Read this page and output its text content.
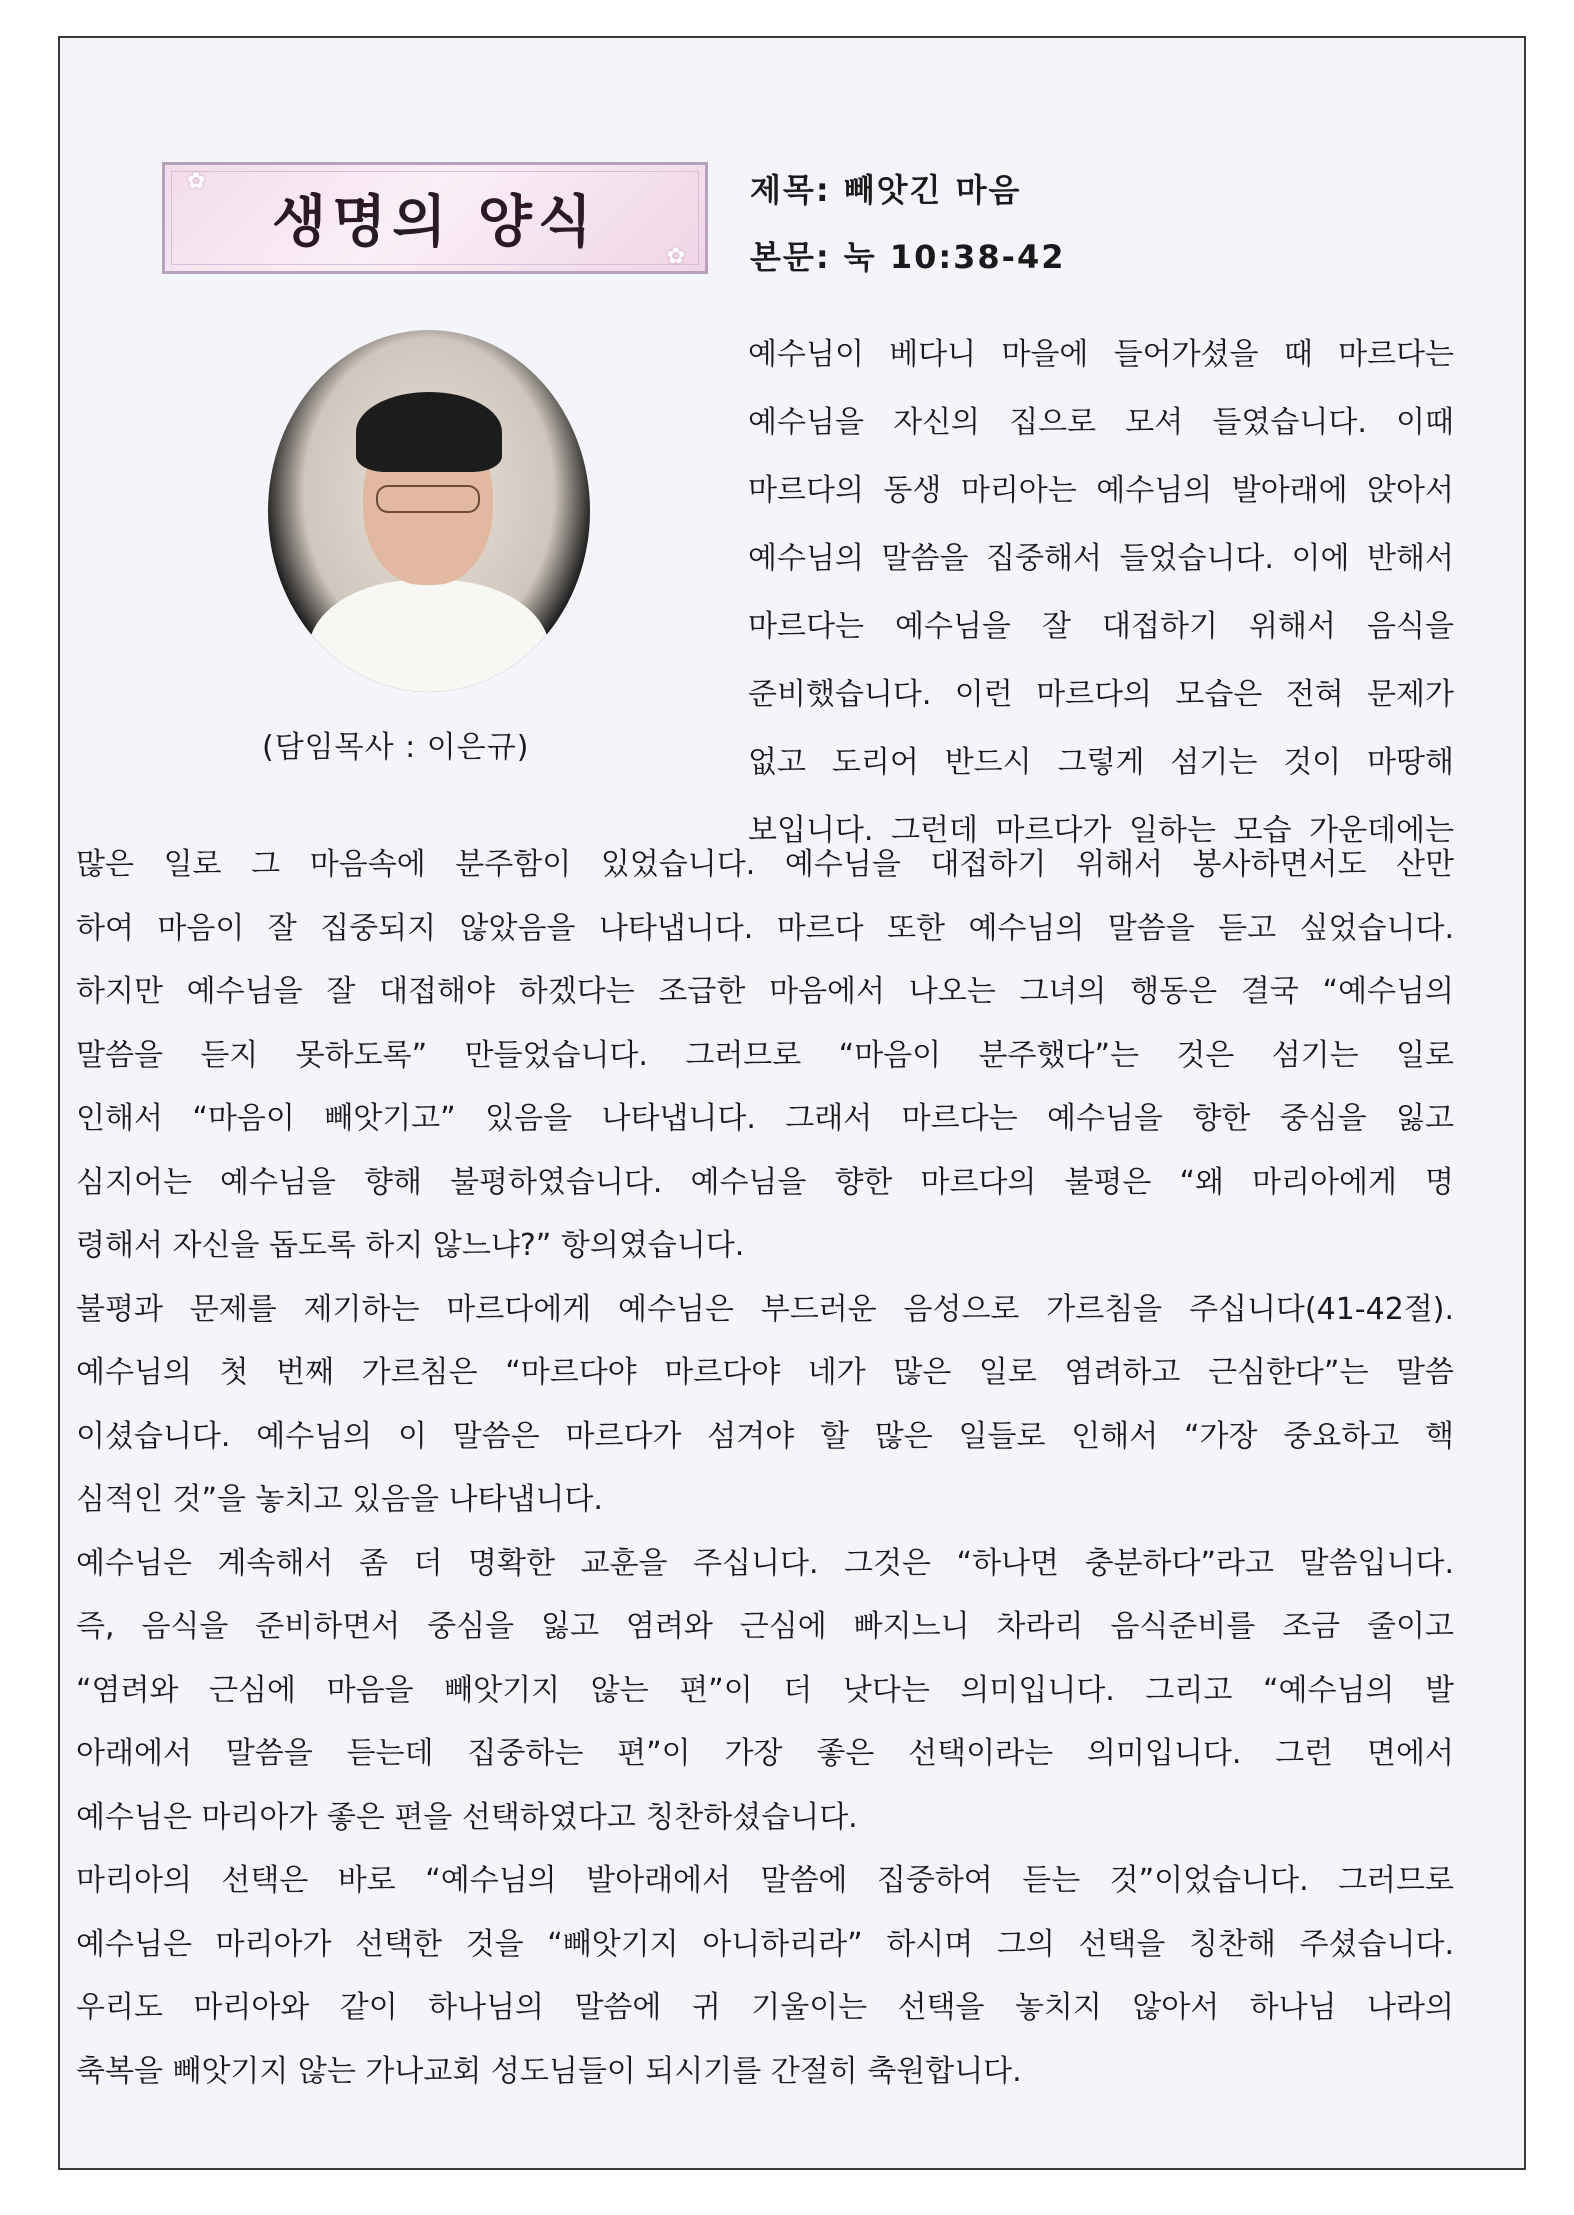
✿
✿
생명의 양식	제목: 빼앗긴 마음
본문: 눅 10:38-42
(담임목사 : 이은규)
예수님이 베다니 마을에 들어가셨을 때 마르다는
예수님을 자신의 집으로 모셔 들였습니다. 이때
마르다의 동생 마리아는 예수님의 발아래에 앉아서
예수님의 말씀을 집중해서 들었습니다. 이에 반해서
마르다는 예수님을 잘 대접하기 위해서 음식을
준비했습니다. 이런 마르다의 모습은 전혀 문제가
없고 도리어 반드시 그렇게 섬기는 것이 마땅해
보입니다. 그런데 마르다가 일하는 모습 가운데에는
많은 일로 그 마음속에 분주함이 있었습니다. 예수님을 대접하기 위해서 봉사하면서도 산만
하여 마음이 잘 집중되지 않았음을 나타냅니다. 마르다 또한 예수님의 말씀을 듣고 싶었습니다.
하지만 예수님을 잘 대접해야 하겠다는 조급한 마음에서 나오는 그녀의 행동은 결국 “예수님의
말씀을 듣지 못하도록” 만들었습니다. 그러므로 “마음이 분주했다”는 것은 섬기는 일로
인해서 “마음이 빼앗기고” 있음을 나타냅니다. 그래서 마르다는 예수님을 향한 중심을 잃고
심지어는 예수님을 향해 불평하였습니다. 예수님을 향한 마르다의 불평은 “왜 마리아에게 명
령해서 자신을 돕도록 하지 않느냐?” 항의였습니다.
불평과 문제를 제기하는 마르다에게 예수님은 부드러운 음성으로 가르침을 주십니다(41-42절).
예수님의 첫 번째 가르침은 “마르다야 마르다야 네가 많은 일로 염려하고 근심한다”는 말씀
이셨습니다. 예수님의 이 말씀은 마르다가 섬겨야 할 많은 일들로 인해서 “가장 중요하고 핵
심적인 것”을 놓치고 있음을 나타냅니다.
예수님은 계속해서 좀 더 명확한 교훈을 주십니다. 그것은 “하나면 충분하다”라고 말씀입니다.
즉, 음식을 준비하면서 중심을 잃고 염려와 근심에 빠지느니 차라리 음식준비를 조금 줄이고
“염려와 근심에 마음을 빼앗기지 않는 편”이 더 낫다는 의미입니다. 그리고 “예수님의 발
아래에서 말씀을 듣는데 집중하는 편”이 가장 좋은 선택이라는 의미입니다. 그런 면에서
예수님은 마리아가 좋은 편을 선택하였다고 칭찬하셨습니다.
마리아의 선택은 바로 “예수님의 발아래에서 말씀에 집중하여 듣는 것”이었습니다. 그러므로
예수님은 마리아가 선택한 것을 “빼앗기지 아니하리라” 하시며 그의 선택을 칭찬해 주셨습니다.
우리도 마리아와 같이 하나님의 말씀에 귀 기울이는 선택을 놓치지 않아서 하나님 나라의
축복을 빼앗기지 않는 가나교회 성도님들이 되시기를 간절히 축원합니다.
